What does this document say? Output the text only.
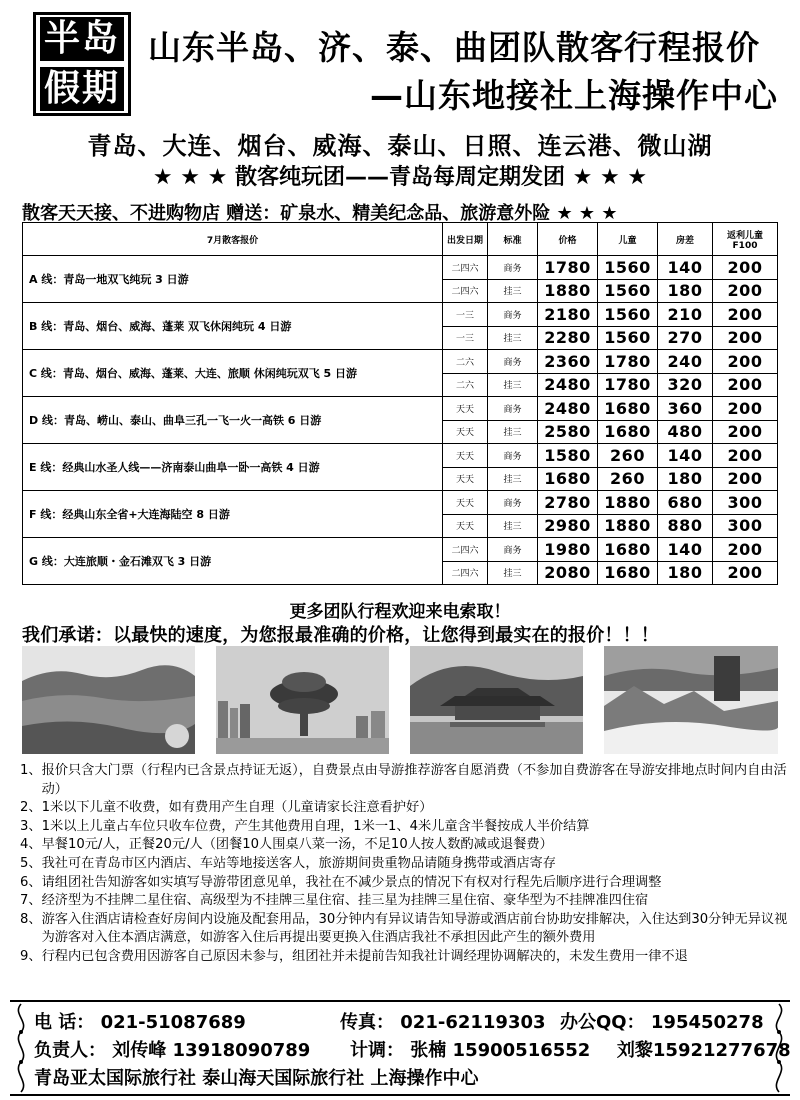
半岛
假期
山东半岛、济、泰、曲团队散客行程报价
—山东地接社上海操作中心
青岛、大连、烟台、威海、泰山、日照、连云港、微山湖
★ ★ ★ 散客纯玩团——青岛每周定期发团 ★ ★ ★
散客天天接、不进购物店 赠送：矿泉水、精美纪念品、旅游意外险 ★ ★ ★
7月散客报价	出发日期	标准	价格	儿童	房差	返利儿童 F100
A 线：青岛一地双飞纯玩 3 日游	二四六	商务	1780	1560	140	200
	二四六	挂三	1880	1560	180	200
B 线：青岛、烟台、威海、蓬莱 双飞休闲纯玩 4 日游	一三	商务	2180	1560	210	200
	一三	挂三	2280	1560	270	200
C 线：青岛、烟台、威海、蓬莱、大连、旅顺 休闲纯玩双飞 5 日游	二六	商务	2360	1780	240	200
	二六	挂三	2480	1780	320	200
D 线：青岛、崂山、泰山、曲阜三孔一飞一火一高铁 6 日游	天天	商务	2480	1680	360	200
	天天	挂三	2580	1680	480	200
E 线：经典山水圣人线——济南泰山曲阜一卧一高铁 4 日游	天天	商务	1580	260	140	200
	天天	挂三	1680	260	180	200
F 线：经典山东全省+大连海陆空 8 日游	天天	商务	2780	1880	680	300
	天天	挂三	2980	1880	880	300
G 线：大连旅顺・金石滩双飞 3 日游	二四六	商务	1980	1680	140	200
	二四六	挂三	2080	1680	180	200
更多团队行程欢迎来电索取！
我们承诺：以最快的速度，为您报最准确的价格，让您得到最实在的报价！！！
1、 报价只含大门票（行程内已含景点持证无返），自费景点由导游推荐游客自愿消费（不参加自费游客在导游安排地点时间内自由活动）
2、 1米以下儿童不收费，如有费用产生自理（儿童请家长注意看护好）
3、 1米以上儿童占车位只收车位费，产生其他费用自理，1米一1、4米儿童含半餐按成人半价结算
4、 早餐10元/人，正餐20元/人（团餐10人围桌八菜一汤，不足10人按人数酌减或退餐费）
5、 我社可在青岛市区内酒店、车站等地接送客人，旅游期间贵重物品请随身携带或酒店寄存
6、 请组团社告知游客如实填写导游带团意见单，我社在不减少景点的情况下有权对行程先后顺序进行合理调整
7、 经济型为不挂牌二星住宿、高级型为不挂牌三星住宿、挂三星为挂牌三星住宿、豪华型为不挂牌准四住宿
8、 游客入住酒店请检查好房间内设施及配套用品，30分钟内有异议请告知导游或酒店前台协助安排解决，入住达到30分钟无异议视为游客对入住本酒店满意，如游客入住后再提出要更换入住酒店我社不承担因此产生的额外费用
9、 行程内已包含费用因游客自己原因未参与，组团社并未提前告知我社计调经理协调解决的，未发生费用一律不退
电 话： 021-51087689	传真： 021-62119303 办公QQ： 195450278
负责人： 刘传峰 13918090789 计调： 张楠 15900516552 刘黎15921277678
青岛亚太国际旅行社 泰山海天国际旅行社 上海操作中心
